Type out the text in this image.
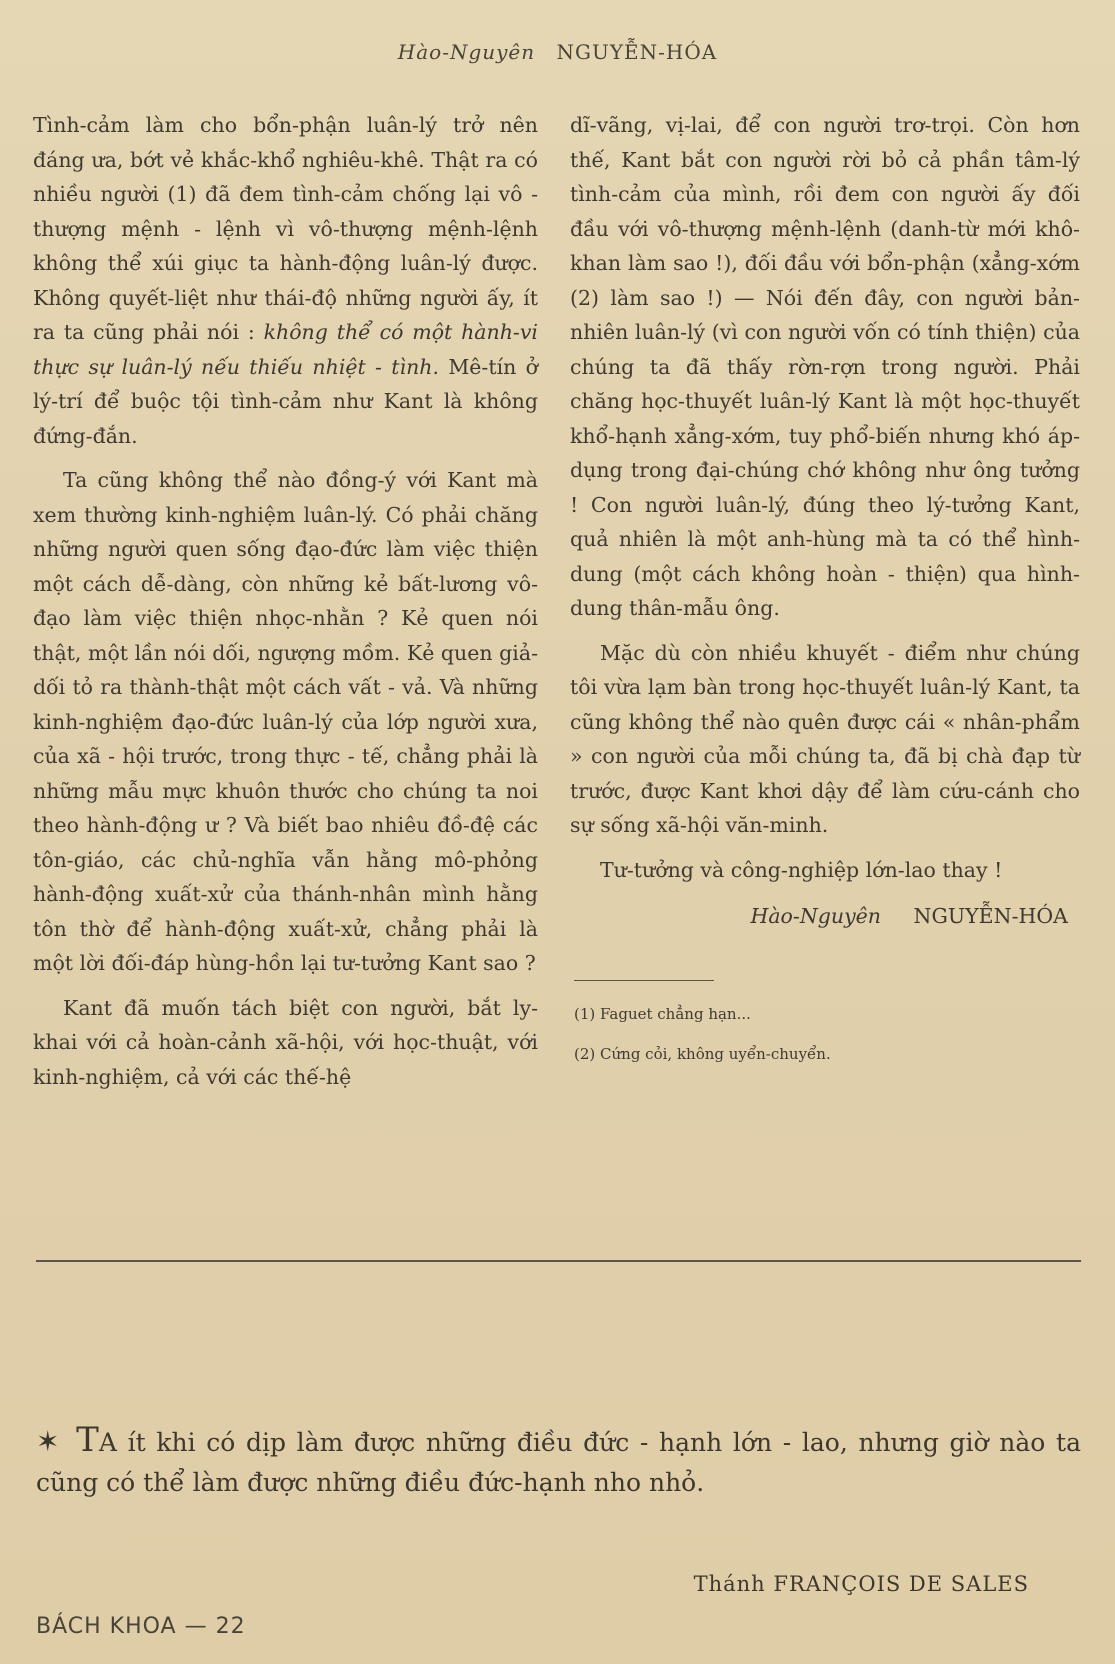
Hào-Nguyên NGUYỄN-HÓA

Tình-cảm làm cho bổn-phận luân-lý trở nên đáng ưa, bớt vẻ khắc-khổ nghiêu-khê. Thật ra có nhiều người (1) đã đem tình-cảm chống lại vô - thượng mệnh - lệnh vì vô-thượng mệnh-lệnh không thể xúi giục ta hành-động luân-lý được. Không quyết-liệt như thái-độ những người ấy, ít ra ta cũng phải nói : không thể có một hành-vi thực sự luân-lý nếu thiếu nhiệt - tình. Mê-tín ở lý-trí để buộc tội tình-cảm như Kant là không đứng-đắn.

Ta cũng không thể nào đồng-ý với Kant mà xem thường kinh-nghiệm luân-lý. Có phải chăng những người quen sống đạo-đức làm việc thiện một cách dễ-dàng, còn những kẻ bất-lương vô-đạo làm việc thiện nhọc-nhằn ? Kẻ quen nói thật, một lần nói dối, ngượng mồm. Kẻ quen giả-dối tỏ ra thành-thật một cách vất - vả. Và những kinh-nghiệm đạo-đức luân-lý của lớp người xưa, của xã - hội trước, trong thực - tế, chẳng phải là những mẫu mực khuôn thước cho chúng ta noi theo hành-động ư ? Và biết bao nhiêu đồ-đệ các tôn-giáo, các chủ-nghĩa vẫn hằng mô-phỏng hành-động xuất-xử của thánh-nhân mình hằng tôn thờ để hành-động xuất-xử, chẳng phải là một lời đối-đáp hùng-hồn lại tư-tưởng Kant sao ?

Kant đã muốn tách biệt con người, bắt ly-khai với cả hoàn-cảnh xã-hội, với học-thuật, với kinh-nghiệm, cả với các thế-hệ

dĩ-vãng, vị-lai, để con người trơ-trọi. Còn hơn thế, Kant bắt con người rời bỏ cả phần tâm-lý tình-cảm của mình, rồi đem con người ấy đối đầu với vô-thượng mệnh-lệnh (danh-từ mới khô-khan làm sao !), đối đầu với bổn-phận (xẳng-xớm (2) làm sao !) — Nói đến đây, con người bản-nhiên luân-lý (vì con người vốn có tính thiện) của chúng ta đã thấy rờn-rợn trong người. Phải chăng học-thuyết luân-lý Kant là một học-thuyết khổ-hạnh xẳng-xớm, tuy phổ-biến nhưng khó áp-dụng trong đại-chúng chớ không như ông tưởng ! Con người luân-lý, đúng theo lý-tưởng Kant, quả nhiên là một anh-hùng mà ta có thể hình-dung (một cách không hoàn - thiện) qua hình-dung thân-mẫu ông.

Mặc dù còn nhiều khuyết - điểm như chúng tôi vừa lạm bàn trong học-thuyết luân-lý Kant, ta cũng không thể nào quên được cái « nhân-phẩm » con người của mỗi chúng ta, đã bị chà đạp từ trước, được Kant khơi dậy để làm cứu-cánh cho sự sống xã-hội văn-minh.

Tư-tưởng và công-nghiệp lớn-lao thay !

Hào-Nguyên NGUYỄN-HÓA

(1) Faguet chẳng hạn...

(2) Cứng cỏi, không uyển-chuyển.

✶ TA ít khi có dịp làm được những điều đức - hạnh lớn - lao, nhưng giờ nào ta cũng có thể làm được những điều đức-hạnh nho nhỏ.
Thánh FRANÇOIS DE SALES
BÁCH KHOA — 22
